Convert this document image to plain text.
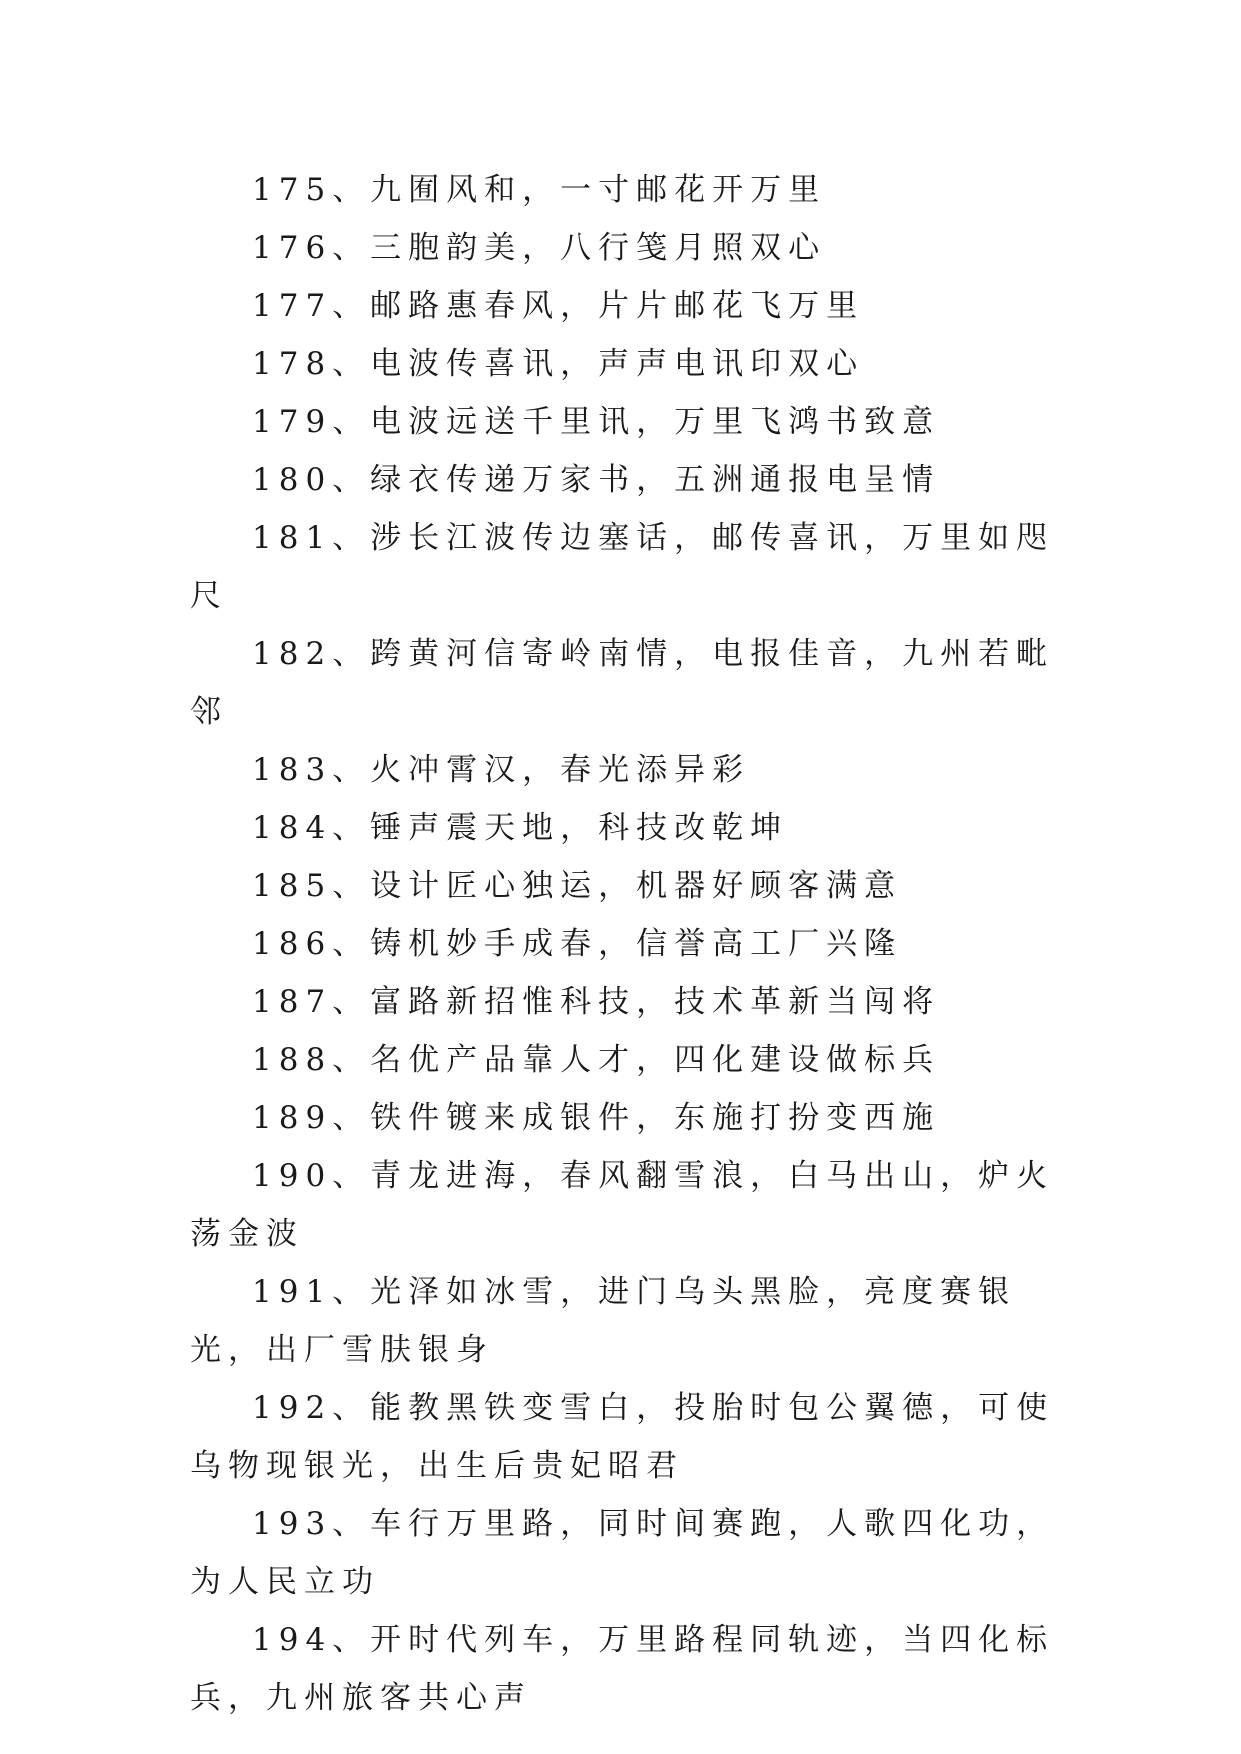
175、九囿风和，一寸邮花开万里

176、三胞韵美，八行笺月照双心

177、邮路惠春风，片片邮花飞万里

178、电波传喜讯，声声电讯印双心

179、电波远送千里讯，万里飞鸿书致意

180、绿衣传递万家书，五洲通报电呈情

181、涉长江波传边塞话，邮传喜讯，万里如咫尺

182、跨黄河信寄岭南情，电报佳音，九州若毗邻

183、火冲霄汉，春光添异彩

184、锤声震天地，科技改乾坤

185、设计匠心独运，机器好顾客满意

186、铸机妙手成春，信誉高工厂兴隆

187、富路新招惟科技，技术革新当闯将

188、名优产品靠人才，四化建设做标兵

189、铁件镀来成银件，东施打扮变西施

190、青龙进海，春风翻雪浪，白马出山，炉火荡金波

191、光泽如冰雪，进门乌头黑脸，亮度赛银光，出厂雪肤银身

192、能教黑铁变雪白，投胎时包公翼德，可使乌物现银光，出生后贵妃昭君

193、车行万里路，同时间赛跑，人歌四化功，为人民立功

194、开时代列车，万里路程同轨迹，当四化标兵，九州旅客共心声
